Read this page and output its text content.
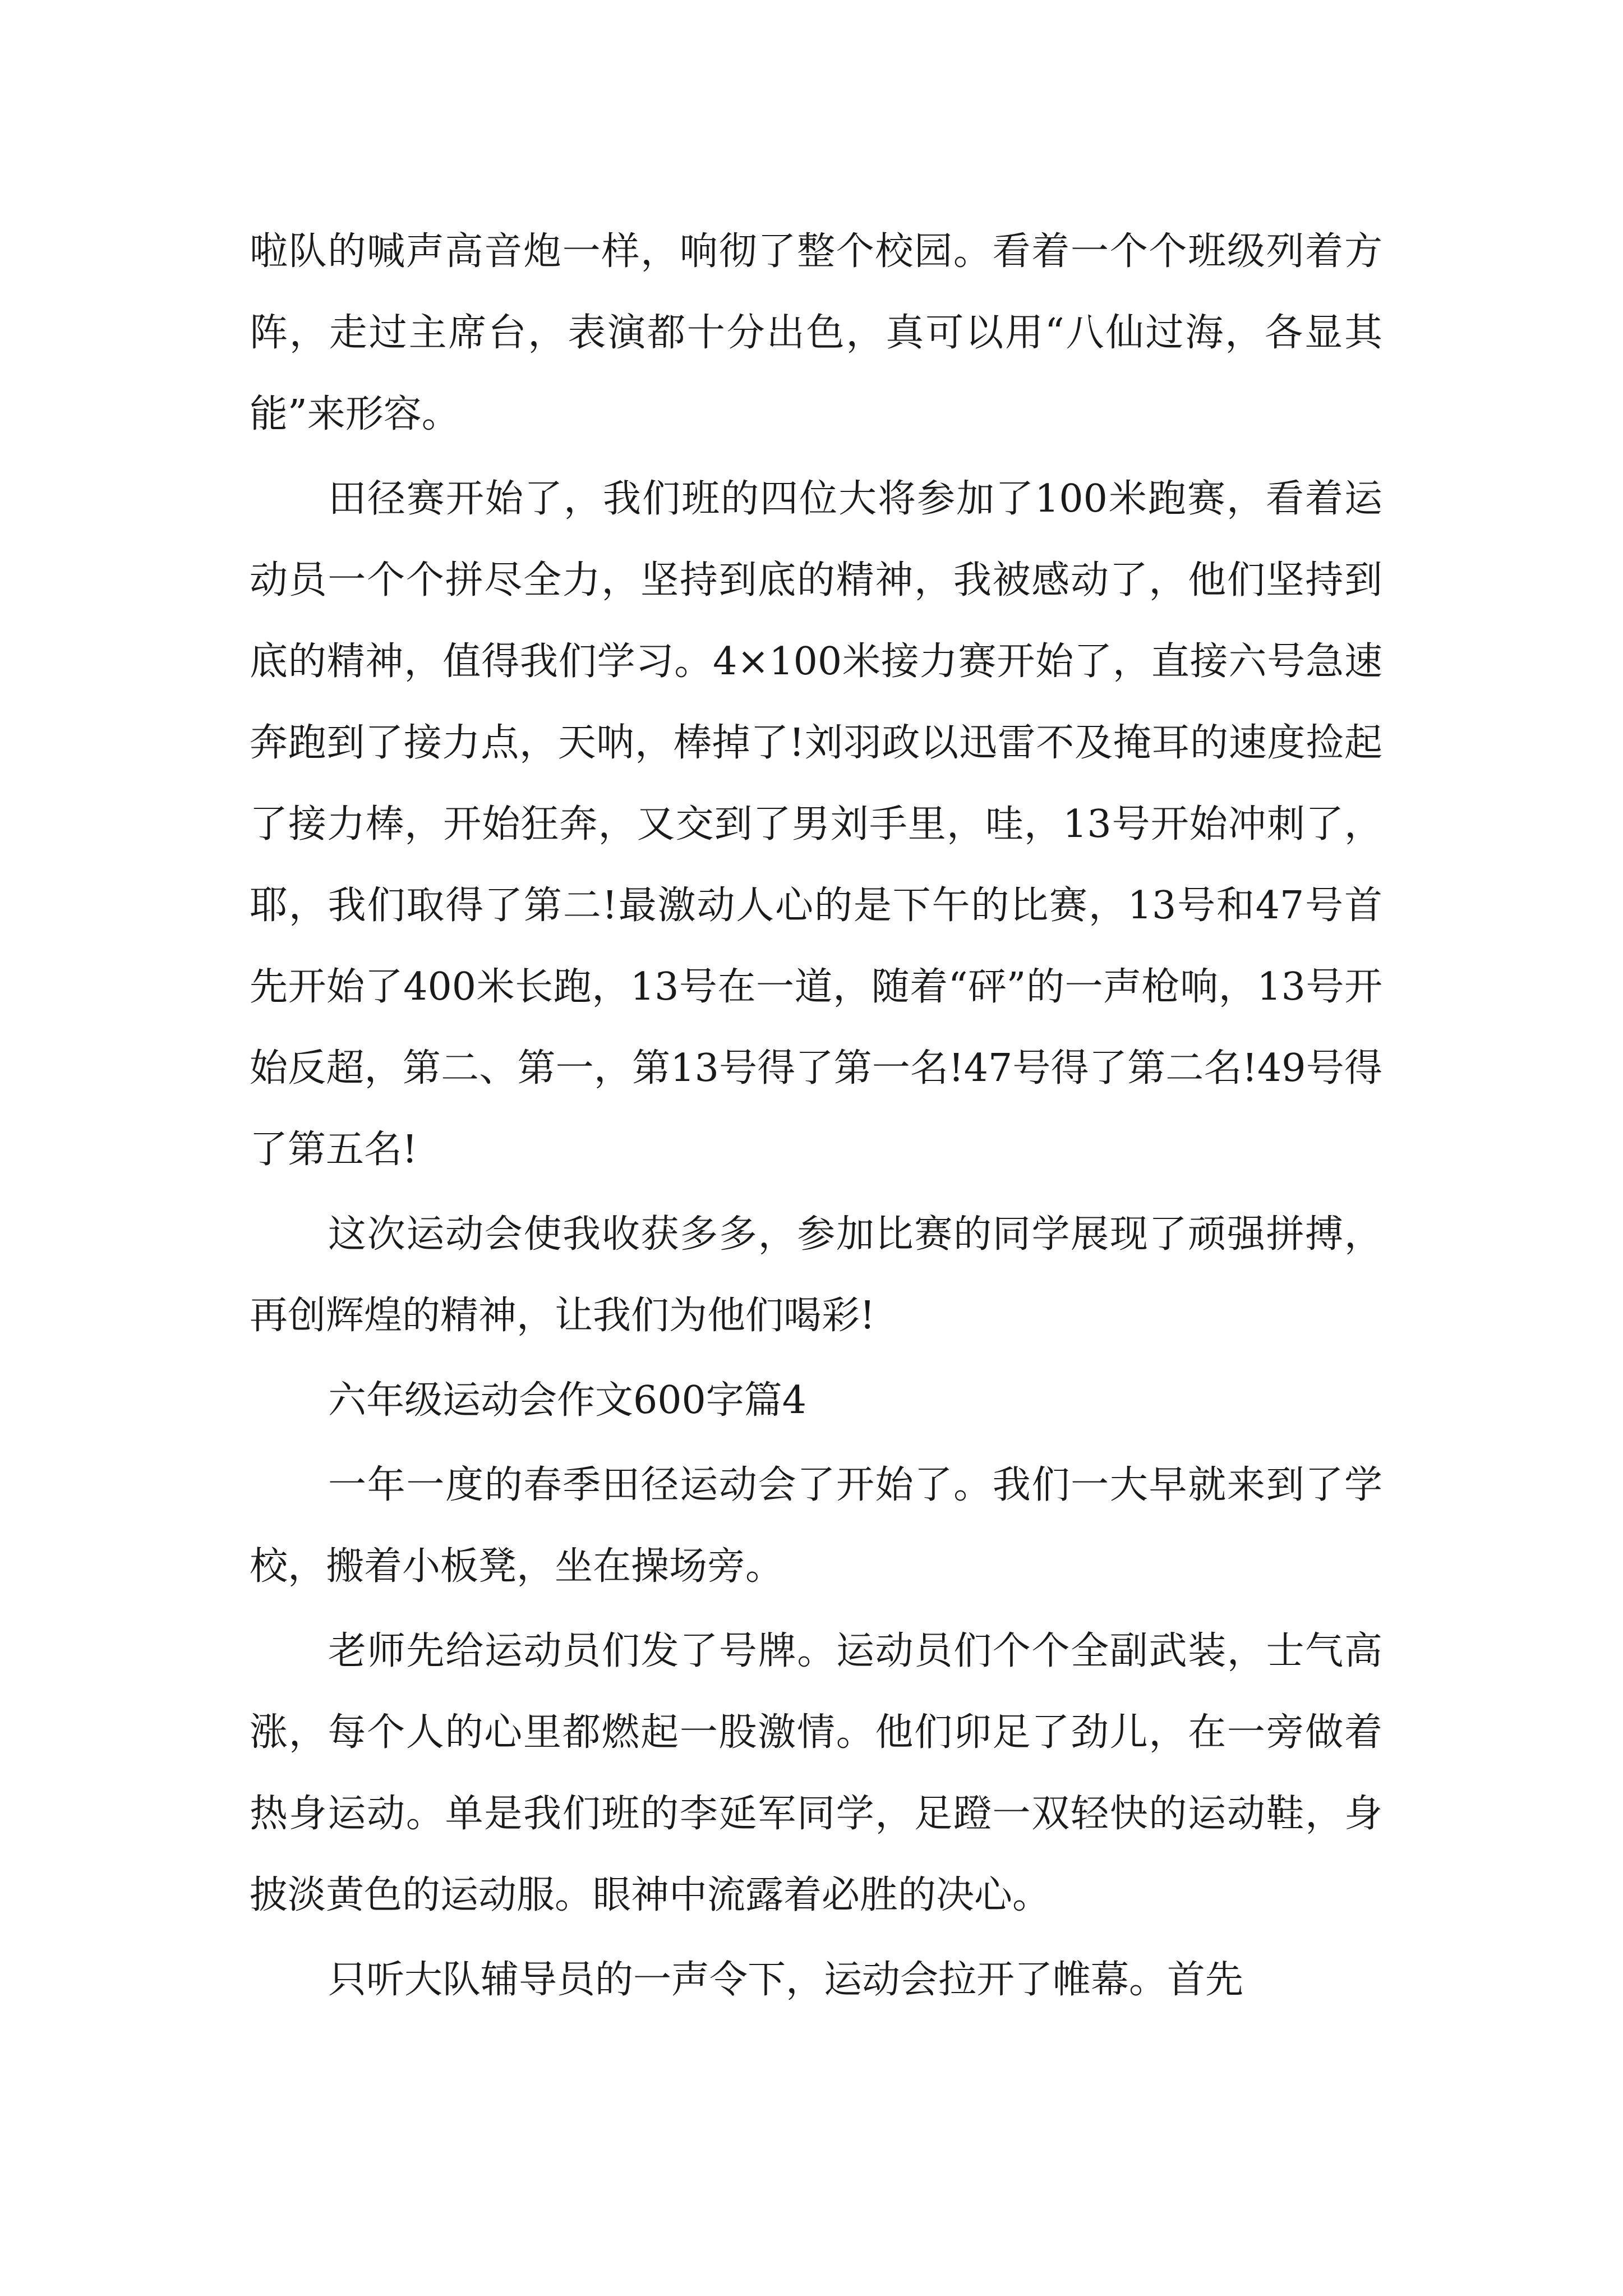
啦队的喊声高音炮一样，响彻了整个校园。看着一个个班级列着方阵，走过主席台，表演都十分出色，真可以用“八仙过海，各显其能”来形容。

田径赛开始了，我们班的四位大将参加了100米跑赛，看着运动员一个个拼尽全力，坚持到底的精神，我被感动了，他们坚持到底的精神，值得我们学习。4×100米接力赛开始了，直接六号急速奔跑到了接力点，天呐，棒掉了!刘羽政以迅雷不及掩耳的速度捡起了接力棒，开始狂奔，又交到了男刘手里，哇，13号开始冲刺了，耶，我们取得了第二!最激动人心的是下午的比赛，13号和47号首先开始了400米长跑，13号在一道，随着“砰”的一声枪响，13号开始反超，第二、第一，第13号得了第一名!47号得了第二名!49号得了第五名!

这次运动会使我收获多多，参加比赛的同学展现了顽强拼搏，再创辉煌的精神，让我们为他们喝彩!

六年级运动会作文600字篇4

一年一度的春季田径运动会了开始了。我们一大早就来到了学校，搬着小板凳，坐在操场旁。

老师先给运动员们发了号牌。运动员们个个全副武装，士气高涨，每个人的心里都燃起一股激情。他们卯足了劲儿，在一旁做着热身运动。单是我们班的李延军同学，足蹬一双轻快的运动鞋，身披淡黄色的运动服。眼神中流露着必胜的决心。

只听大队辅导员的一声令下，运动会拉开了帷幕。首先
